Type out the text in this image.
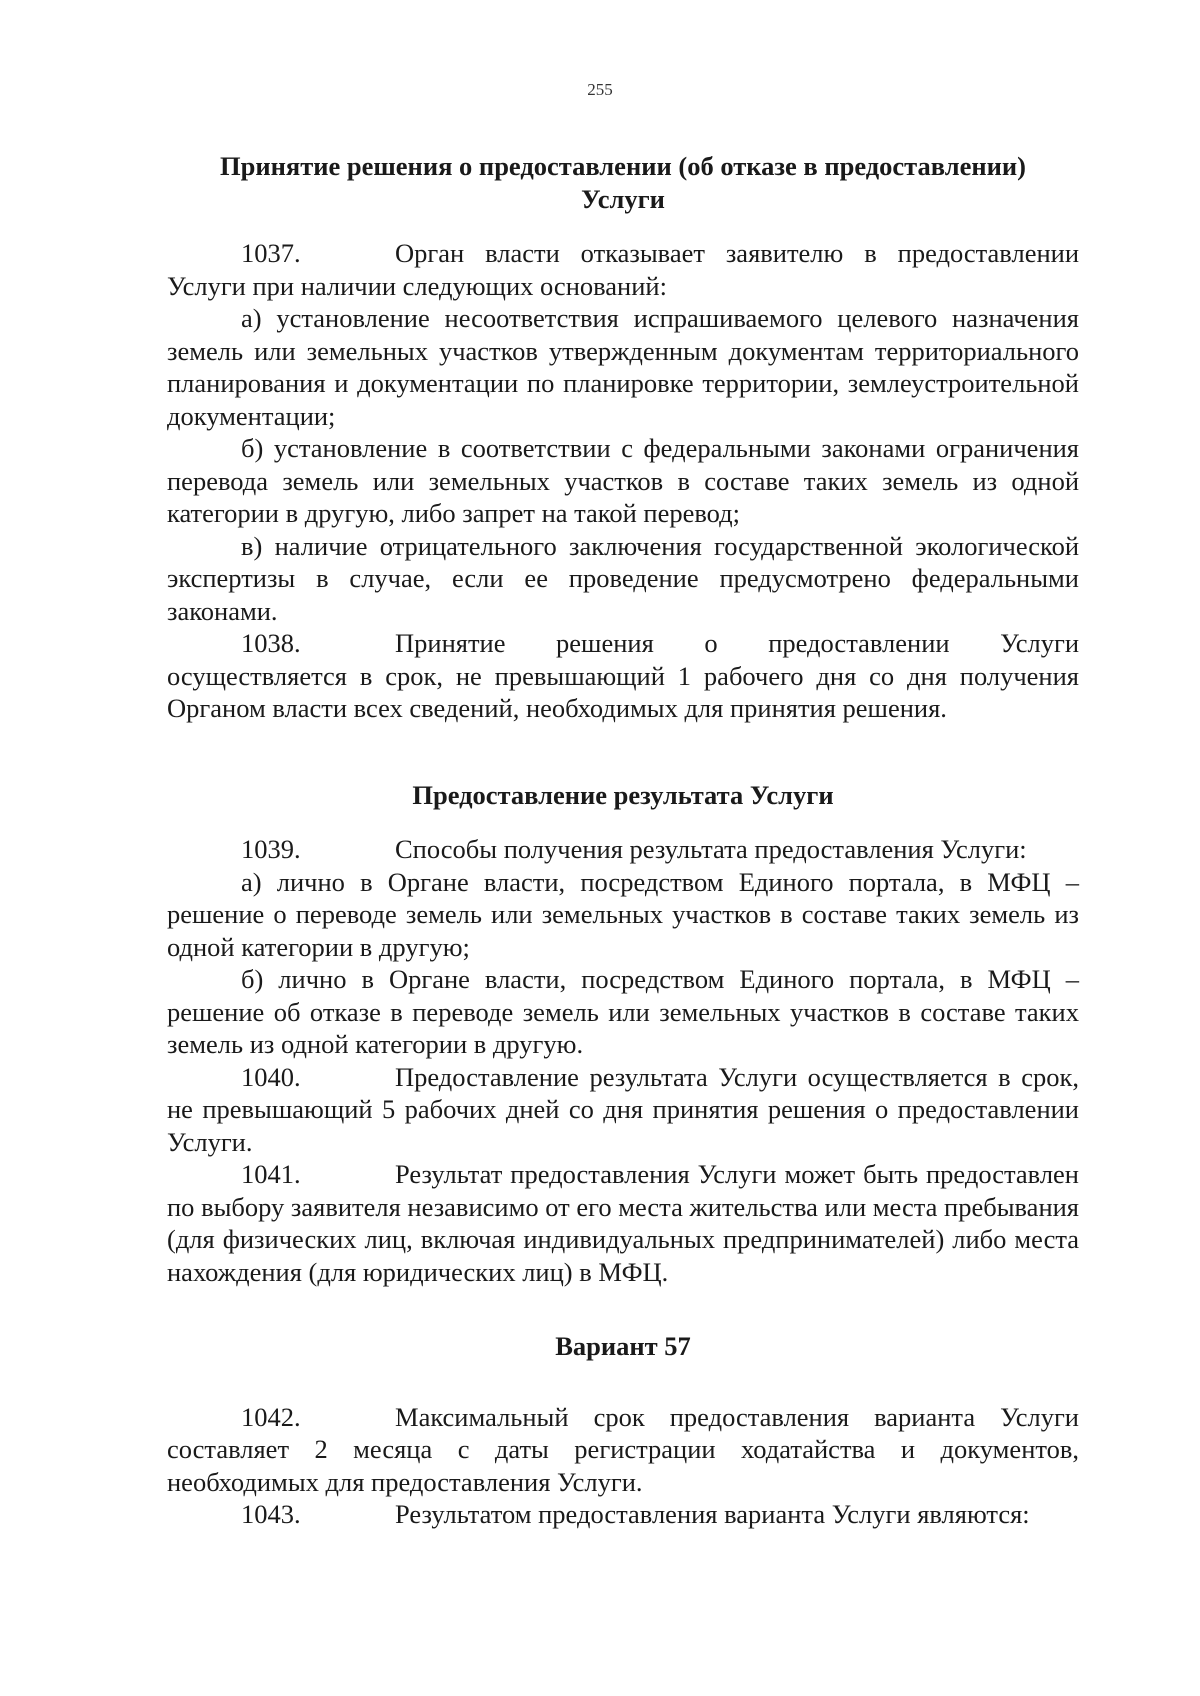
255
Принятие решения о предоставлении (об отказе в предоставлении)
Услуги

1037.	Орган власти отказывает заявителю в предоставлении Услуги при наличии следующих оснований:

а) установление несоответствия испрашиваемого целевого назначения земель или земельных участков утвержденным документам территориального планирования и документации по планировке территории, землеустроительной документации;

б) установление в соответствии с федеральными законами ограничения перевода земель или земельных участков в составе таких земель из одной категории в другую, либо запрет на такой перевод;

в) наличие отрицательного заключения государственной экологической экспертизы в случае, если ее проведение предусмотрено федеральными законами.

1038.	Принятие решения о предоставлении Услуги осуществляется в срок, не превышающий 1 рабочего дня со дня получения Органом власти всех сведений, необходимых для принятия решения.

Предоставление результата Услуги

1039.	Способы получения результата предоставления Услуги:

а) лично в Органе власти, посредством Единого портала, в МФЦ – решение о переводе земель или земельных участков в составе таких земель из одной категории в другую;

б) лично в Органе власти, посредством Единого портала, в МФЦ – решение об отказе в переводе земель или земельных участков в составе таких земель из одной категории в другую.

1040.	Предоставление результата Услуги осуществляется в срок, не превышающий 5 рабочих дней со дня принятия решения о предоставлении Услуги.

1041.	Результат предоставления Услуги может быть предоставлен по выбору заявителя независимо от его места жительства или места пребывания (для физических лиц, включая индивидуальных предпринимателей) либо места нахождения (для юридических лиц) в МФЦ.

Вариант 57

1042.	Максимальный срок предоставления варианта Услуги составляет 2 месяца с даты регистрации ходатайства и документов, необходимых для предоставления Услуги.

1043.	Результатом предоставления варианта Услуги являются:
